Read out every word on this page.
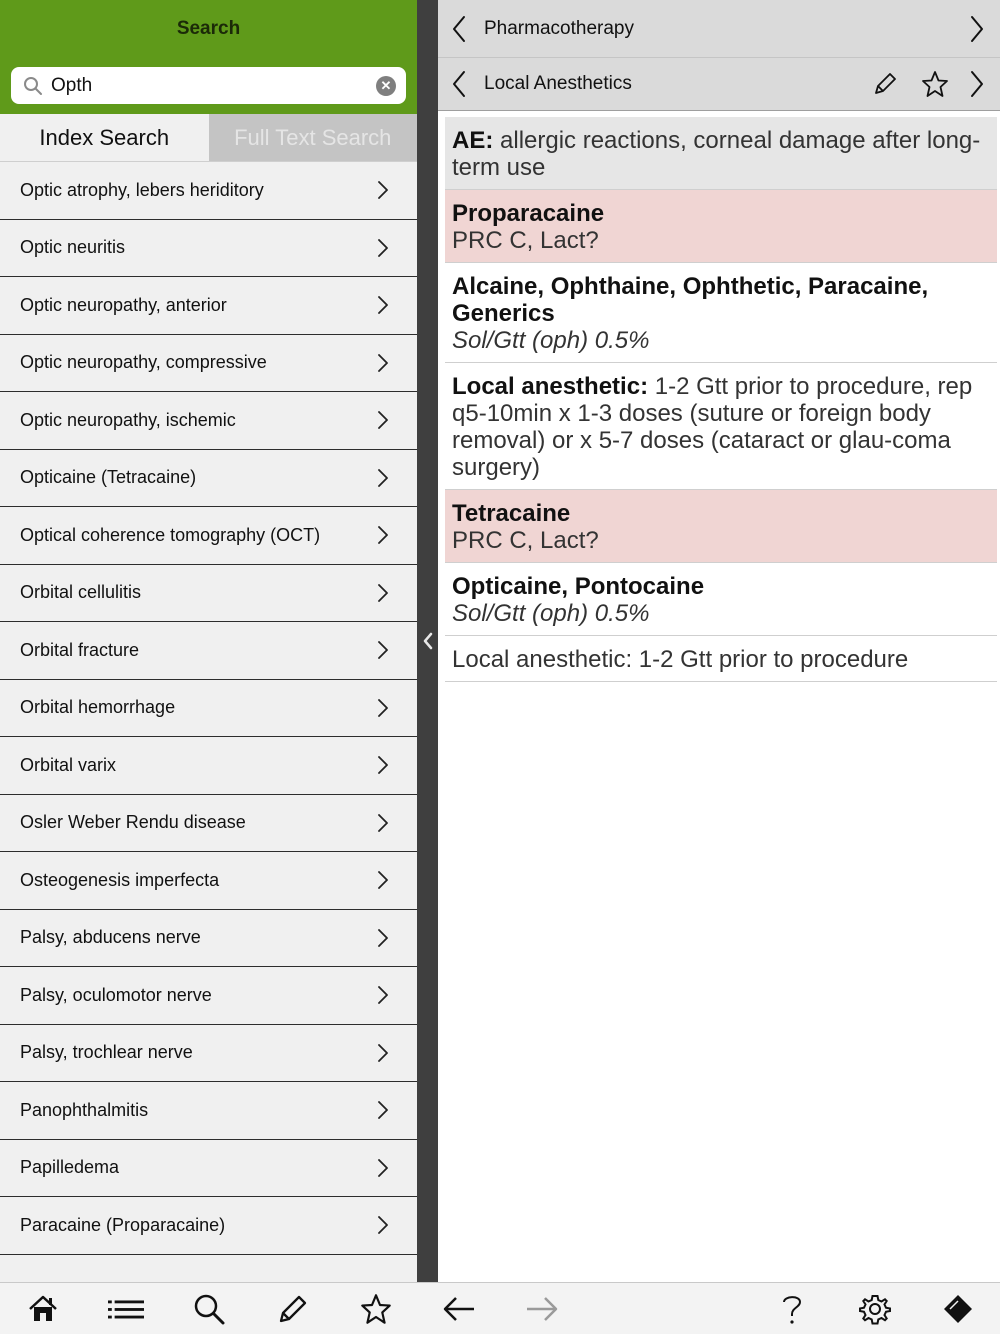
Search
Opth
✕
Index Search	Full Text Search
Optic atrophy, lebers heriditory
Optic neuritis
Optic neuropathy, anterior
Optic neuropathy, compressive
Optic neuropathy, ischemic
Opticaine (Tetracaine)
Optical coherence tomography (OCT)
Orbital cellulitis
Orbital fracture
Orbital hemorrhage
Orbital varix
Osler Weber Rendu disease
Osteogenesis imperfecta
Palsy, abducens nerve
Palsy, oculomotor nerve
Palsy, trochlear nerve
Panophthalmitis
Papilledema
Paracaine (Proparacaine)
Pharmacotherapy
Local Anesthetics
AE: allergic reactions, corneal damage after long-term use
Proparacaine
PRC C, Lact?
Alcaine, Ophthaine, Ophthetic, Paracaine, Generics
Sol/Gtt (oph) 0.5%
Local anesthetic: 1-2 Gtt prior to procedure, rep q5-10min x 1-3 doses (suture or foreign body removal) or x 5-7 doses (cataract or glau-coma surgery)
Tetracaine
PRC C, Lact?
Opticaine, Pontocaine
Sol/Gtt (oph) 0.5%
Local anesthetic: 1-2 Gtt prior to procedure
